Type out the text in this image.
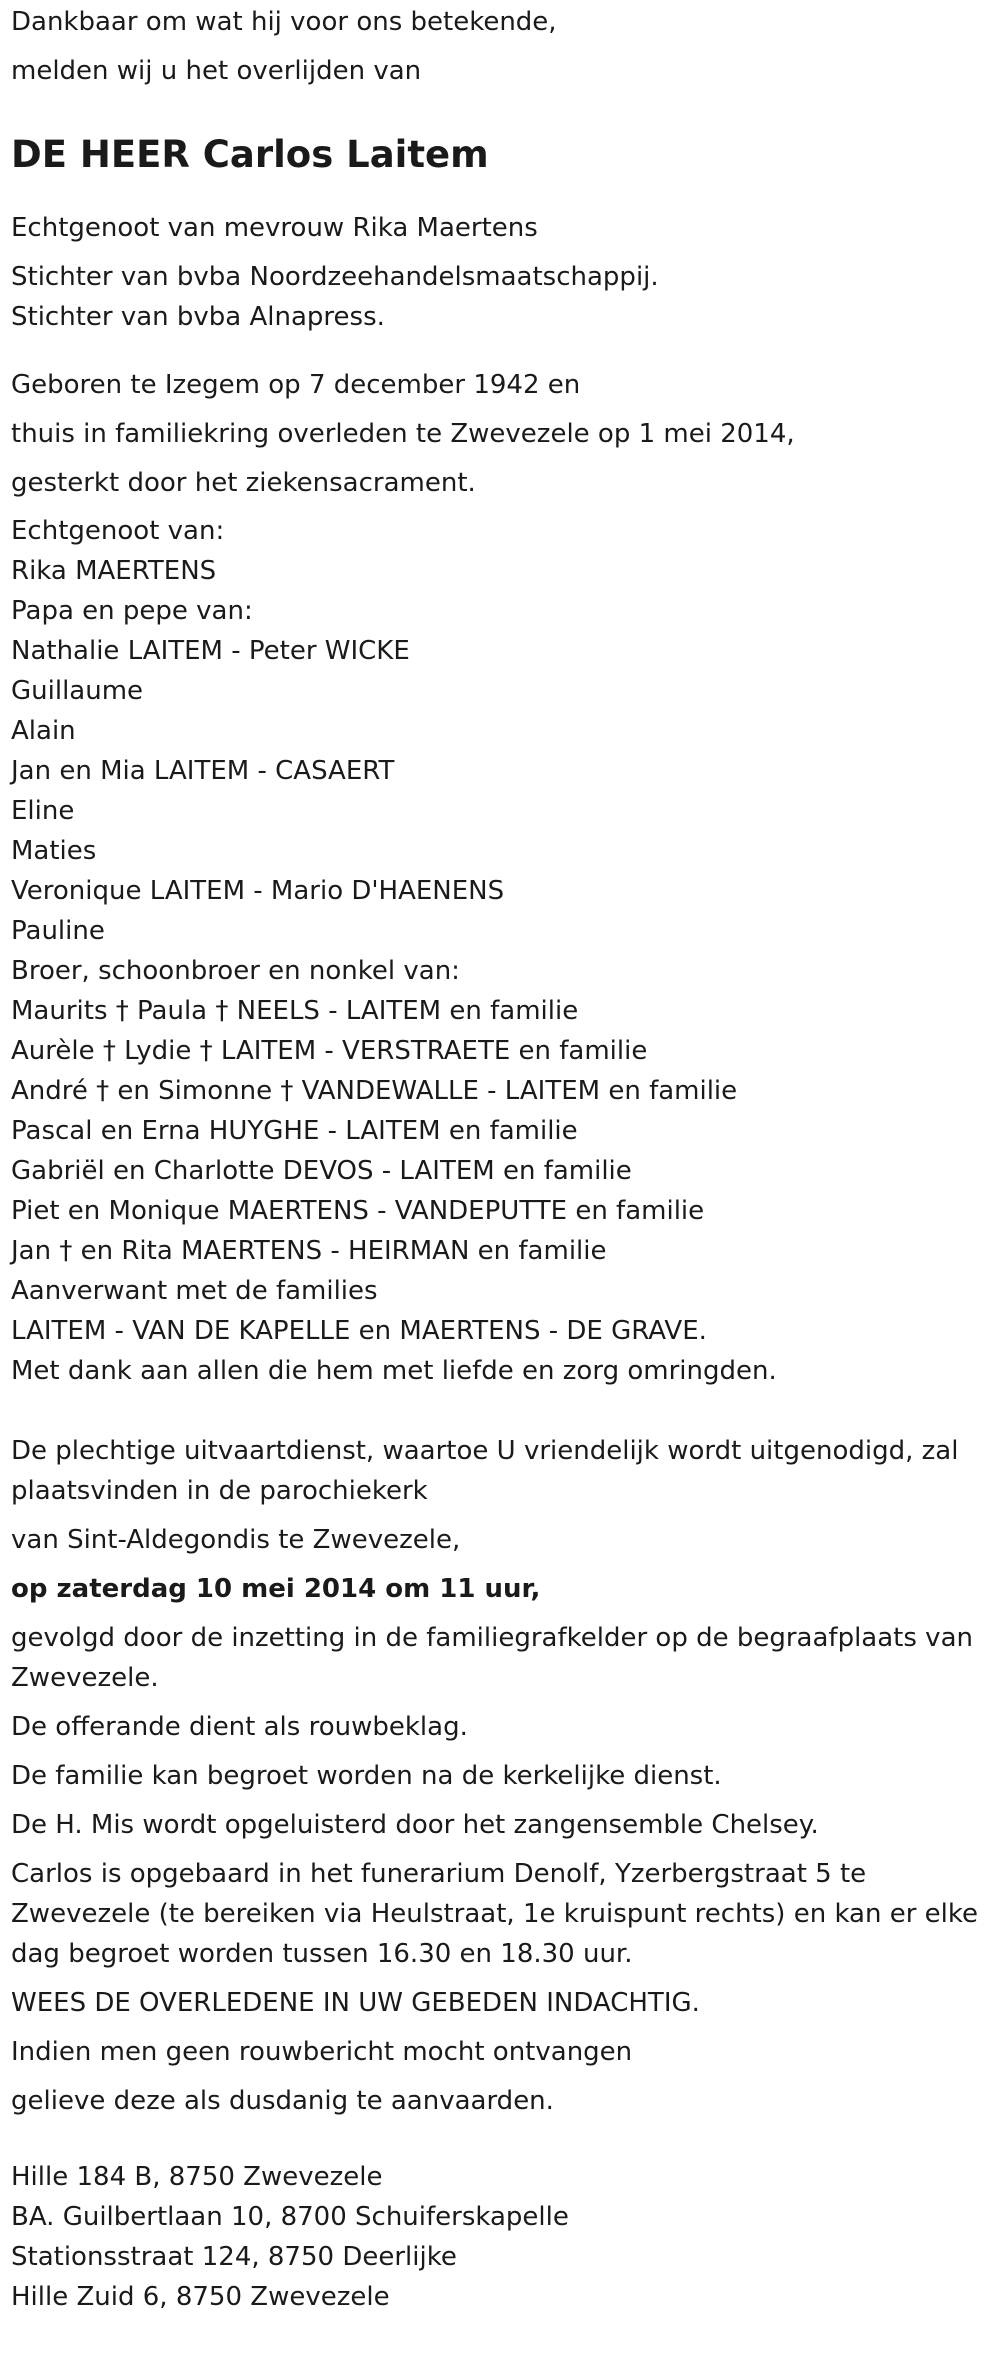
Dankbaar om wat hij voor ons betekende,

melden wij u het overlijden van

DE HEER Carlos Laitem

Echtgenoot van mevrouw Rika Maertens

Stichter van bvba Noordzeehandelsmaatschappij.

Stichter van bvba Alnapress.

Geboren te Izegem op 7 december 1942 en

thuis in familiekring overleden te Zwevezele op 1 mei 2014,

gesterkt door het ziekensacrament.

Echtgenoot van:

Rika MAERTENS

Papa en pepe van:

Nathalie LAITEM - Peter WICKE

Guillaume

Alain

Jan en Mia LAITEM - CASAERT

Eline

Maties

Veronique LAITEM - Mario D'HAENENS

Pauline

Broer, schoonbroer en nonkel van:

Maurits † Paula † NEELS - LAITEM en familie

Aurèle † Lydie † LAITEM - VERSTRAETE en familie

André † en Simonne † VANDEWALLE - LAITEM en familie

Pascal en Erna HUYGHE - LAITEM en familie

Gabriël en Charlotte DEVOS - LAITEM en familie

Piet en Monique MAERTENS - VANDEPUTTE en familie

Jan † en Rita MAERTENS - HEIRMAN en familie

Aanverwant met de families

LAITEM - VAN DE KAPELLE en MAERTENS - DE GRAVE.

Met dank aan allen die hem met liefde en zorg omringden.

De plechtige uitvaartdienst, waartoe U vriendelijk wordt uitgenodigd, zal plaatsvinden in de parochiekerk

van Sint-Aldegondis te Zwevezele,

op zaterdag 10 mei 2014 om 11 uur,

gevolgd door de inzetting in de familiegrafkelder op de begraafplaats van Zwevezele.

De offerande dient als rouwbeklag.

De familie kan begroet worden na de kerkelijke dienst.

De H. Mis wordt opgeluisterd door het zangensemble Chelsey.

Carlos is opgebaard in het funerarium Denolf, Yzerbergstraat 5 te Zwevezele (te bereiken via Heulstraat, 1e kruispunt rechts) en kan er elke dag begroet worden tussen 16.30 en 18.30 uur.

WEES DE OVERLEDENE IN UW GEBEDEN INDACHTIG.

Indien men geen rouwbericht mocht ontvangen

gelieve deze als dusdanig te aanvaarden.

Hille 184 B, 8750 Zwevezele

BA. Guilbertlaan 10, 8700 Schuiferskapelle

Stationsstraat 124, 8750 Deerlijke

Hille Zuid 6, 8750 Zwevezele
